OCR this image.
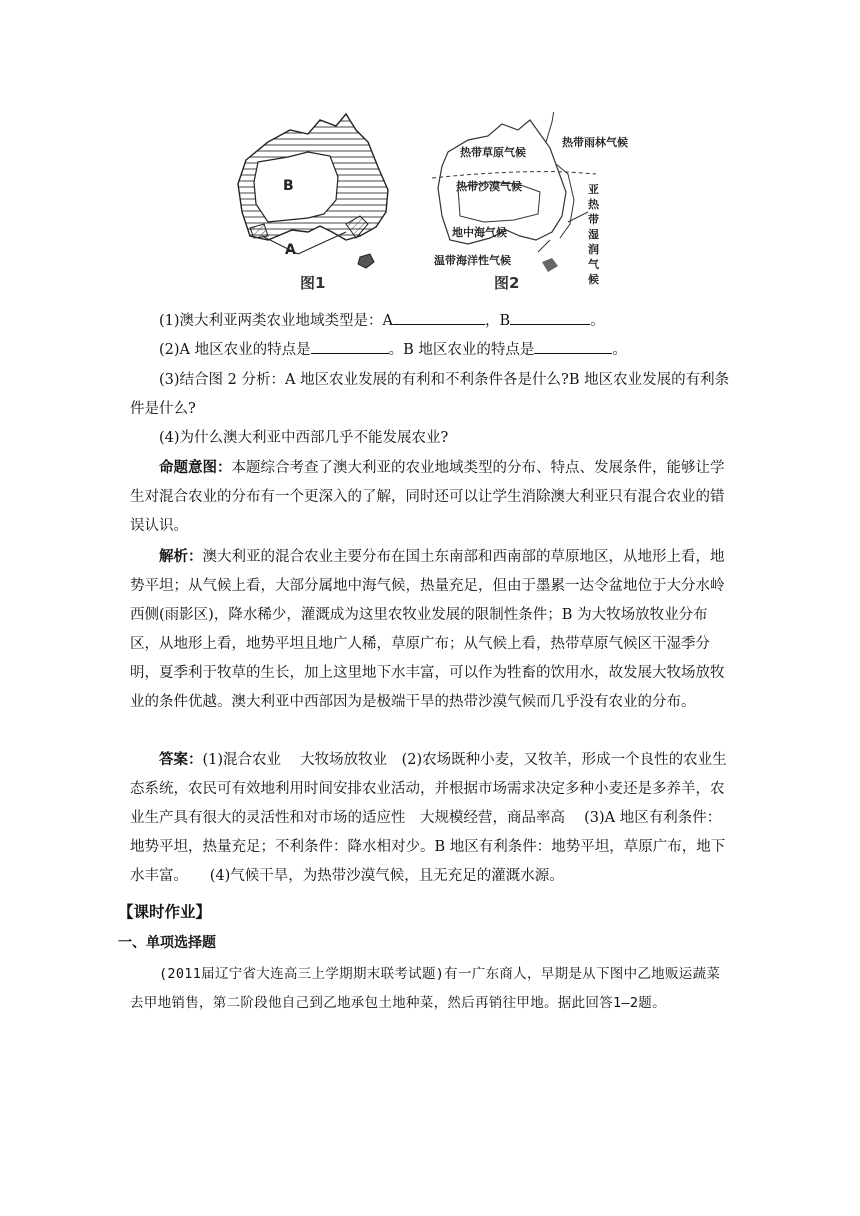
B
A
图1
热带草原气候
热带雨林气候
热带沙漠气候
地中海气候
温带海洋性气候
亚热带湿润气候
图2
(1)澳大利亚两类农业地域类型是：A	，B	。
(2)A 地区农业的特点是	。B 地区农业的特点是	。
(3)结合图 2 分析：A 地区农业发展的有利和不利条件各是什么?B 地区农业发展的有利条件是什么?
(4)为什么澳大利亚中西部几乎不能发展农业?
命题意图：本题综合考查了澳大利亚的农业地域类型的分布、特点、发展条件，能够让学生对混合农业的分布有一个更深入的了解，同时还可以让学生消除澳大利亚只有混合农业的错误认识。
解析：澳大利亚的混合农业主要分布在国土东南部和西南部的草原地区，从地形上看，地势平坦；从气候上看，大部分属地中海气候，热量充足，但由于墨累一达令盆地位于大分水岭西侧(雨影区)，降水稀少，灌溉成为这里农牧业发展的限制性条件；B 为大牧场放牧业分布区，从地形上看，地势平坦且地广人稀，草原广布；从气候上看，热带草原气候区干湿季分明，夏季利于牧草的生长，加上这里地下水丰富，可以作为牲畜的饮用水，故发展大牧场放牧业的条件优越。澳大利亚中西部因为是极端干旱的热带沙漠气候而几乎没有农业的分布。
答案：(1)混合农业　 大牧场放牧业　(2)农场既种小麦，又牧羊，形成一个良性的农业生态系统，农民可有效地利用时间安排农业活动，并根据市场需求决定多种小麦还是多养羊，农业生产具有很大的灵活性和对市场的适应性　大规模经营，商品率高　 (3)A 地区有利条件：地势平坦，热量充足；不利条件：降水相对少。B 地区有利条件：地势平坦，草原广布，地下水丰富。　　(4)气候干旱，为热带沙漠气候，且无充足的灌溉水源。
【课时作业】
一、单项选择题
(2011届辽宁省大连高三上学期期末联考试题)有一广东商人，早期是从下图中乙地贩运蔬菜去甲地销售，第二阶段他自己到乙地承包土地种菜，然后再销往甲地。据此回答1—2题。
